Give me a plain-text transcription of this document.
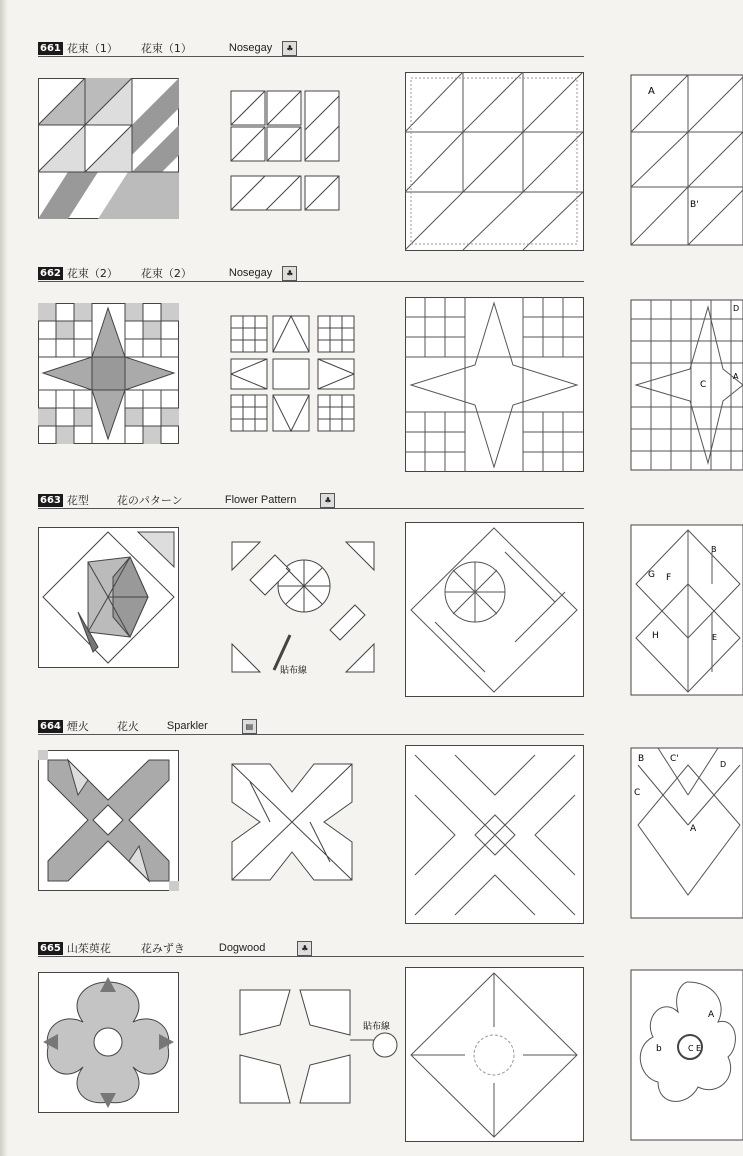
661 花束（1）	花束（1）	Nosegay	♣
A
B'
662 花束（2）	花束（2）	Nosegay	♣
C
D
A
663 花型	花のパターン	Flower Pattern	♣
貼布線
G F
B
H	E
664 煙火	花火	Sparkler	▤
B	C'
D
C
A
665 山茱萸花	花みずき	Dogwood	♣
貼布線
A
b	C E
